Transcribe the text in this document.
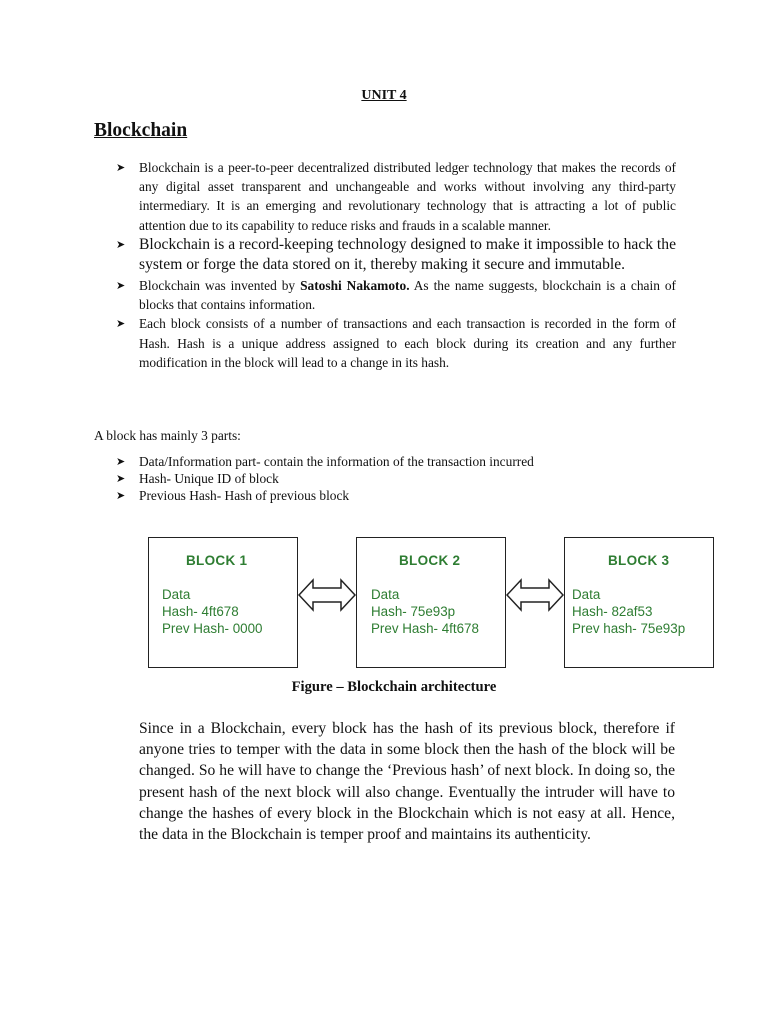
UNIT 4
Blockchain
➤ Blockchain is a peer-to-peer decentralized distributed ledger technology that makes the records of any digital asset transparent and unchangeable and works without involving any third-party intermediary. It is an emerging and revolutionary technology that is attracting a lot of public attention due to its capability to reduce risks and frauds in a scalable manner.
➤ Blockchain is a record-keeping technology designed to make it impossible to hack the system or forge the data stored on it, thereby making it secure and immutable.
➤ Blockchain was invented by Satoshi Nakamoto. As the name suggests, blockchain is a chain of blocks that contains information.
➤ Each block consists of a number of transactions and each transaction is recorded in the form of Hash. Hash is a unique address assigned to each block during its creation and any further modification in the block will lead to a change in its hash.
A block has mainly 3 parts:
➤ Data/Information part- contain the information of the transaction incurred
➤ Hash- Unique ID of block
➤ Previous Hash- Hash of previous block
BLOCK 1
Data
Hash- 4ft678
Prev Hash- 0000
BLOCK 2
Data
Hash- 75e93p
Prev Hash- 4ft678
BLOCK 3
Data
Hash- 82af53
Prev hash- 75e93p
Figure – Blockchain architecture

Since in a Blockchain, every block has the hash of its previous block, therefore if anyone tries to temper with the data in some block then the hash of the block will be changed. So he will have to change the ‘Previous hash’ of next block. In doing so, the present hash of the next block will also change. Eventually the intruder will have to change the hashes of every block in the Blockchain which is not easy at all. Hence, the data in the Blockchain is temper proof and maintains its authenticity.
